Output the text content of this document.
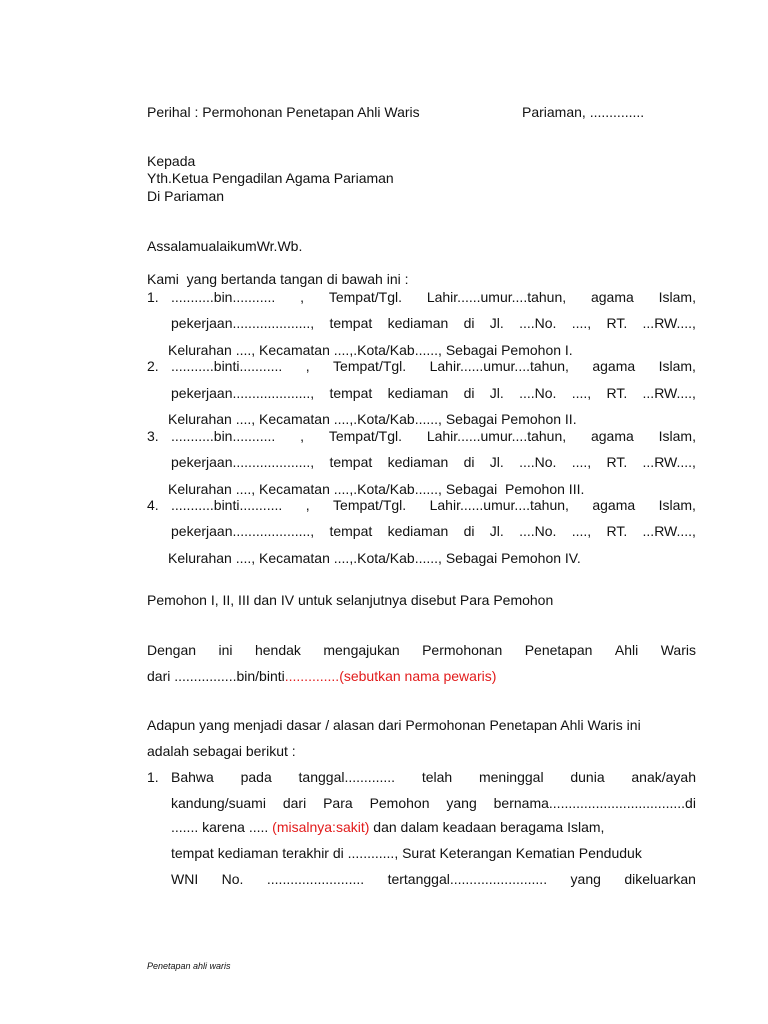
Perihal : Permohonan Penetapan Ahli Waris	Pariaman, ..............
Kepada
Yth.Ketua Pengadilan Agama Pariaman
Di Pariaman
AssalamualaikumWr.Wb.
Kami  yang bertanda tangan di bawah ini :
1. ...........bin........... , Tempat/Tgl. Lahir......umur....tahun, agama Islam,
pekerjaan...................., tempat kediaman di Jl. ....No. ...., RT. ...RW....,
Kelurahan ...., Kecamatan ....,.Kota/Kab......, Sebagai Pemohon I.
2. ...........binti........... , Tempat/Tgl. Lahir......umur....tahun, agama Islam,
pekerjaan...................., tempat kediaman di Jl. ....No. ...., RT. ...RW....,
Kelurahan ...., Kecamatan ....,.Kota/Kab......, Sebagai Pemohon II.
3. ...........bin........... , Tempat/Tgl. Lahir......umur....tahun, agama Islam,
pekerjaan...................., tempat kediaman di Jl. ....No. ...., RT. ...RW....,
Kelurahan ...., Kecamatan ....,.Kota/Kab......, Sebagai  Pemohon III.
4. ...........binti........... , Tempat/Tgl. Lahir......umur....tahun, agama Islam,
pekerjaan...................., tempat kediaman di Jl. ....No. ...., RT. ...RW....,
Kelurahan ...., Kecamatan ....,.Kota/Kab......, Sebagai Pemohon IV.
Pemohon I, II, III dan IV untuk selanjutnya disebut Para Pemohon
Dengan ini hendak mengajukan Permohonan Penetapan Ahli Waris
dari ................bin/binti..............(sebutkan nama pewaris)
Adapun yang menjadi dasar / alasan dari Permohonan Penetapan Ahli Waris ini
adalah sebagai berikut :
1. Bahwa pada tanggal............. telah meninggal dunia anak/ayah
kandung/suami dari Para Pemohon yang bernama...................................di
....... karena ..... (misalnya:sakit) dan dalam keadaan beragama Islam,
tempat kediaman terakhir di ............, Surat Keterangan Kematian Penduduk
WNI No. ......................... tertanggal......................... yang dikeluarkan
Penetapan ahli waris
